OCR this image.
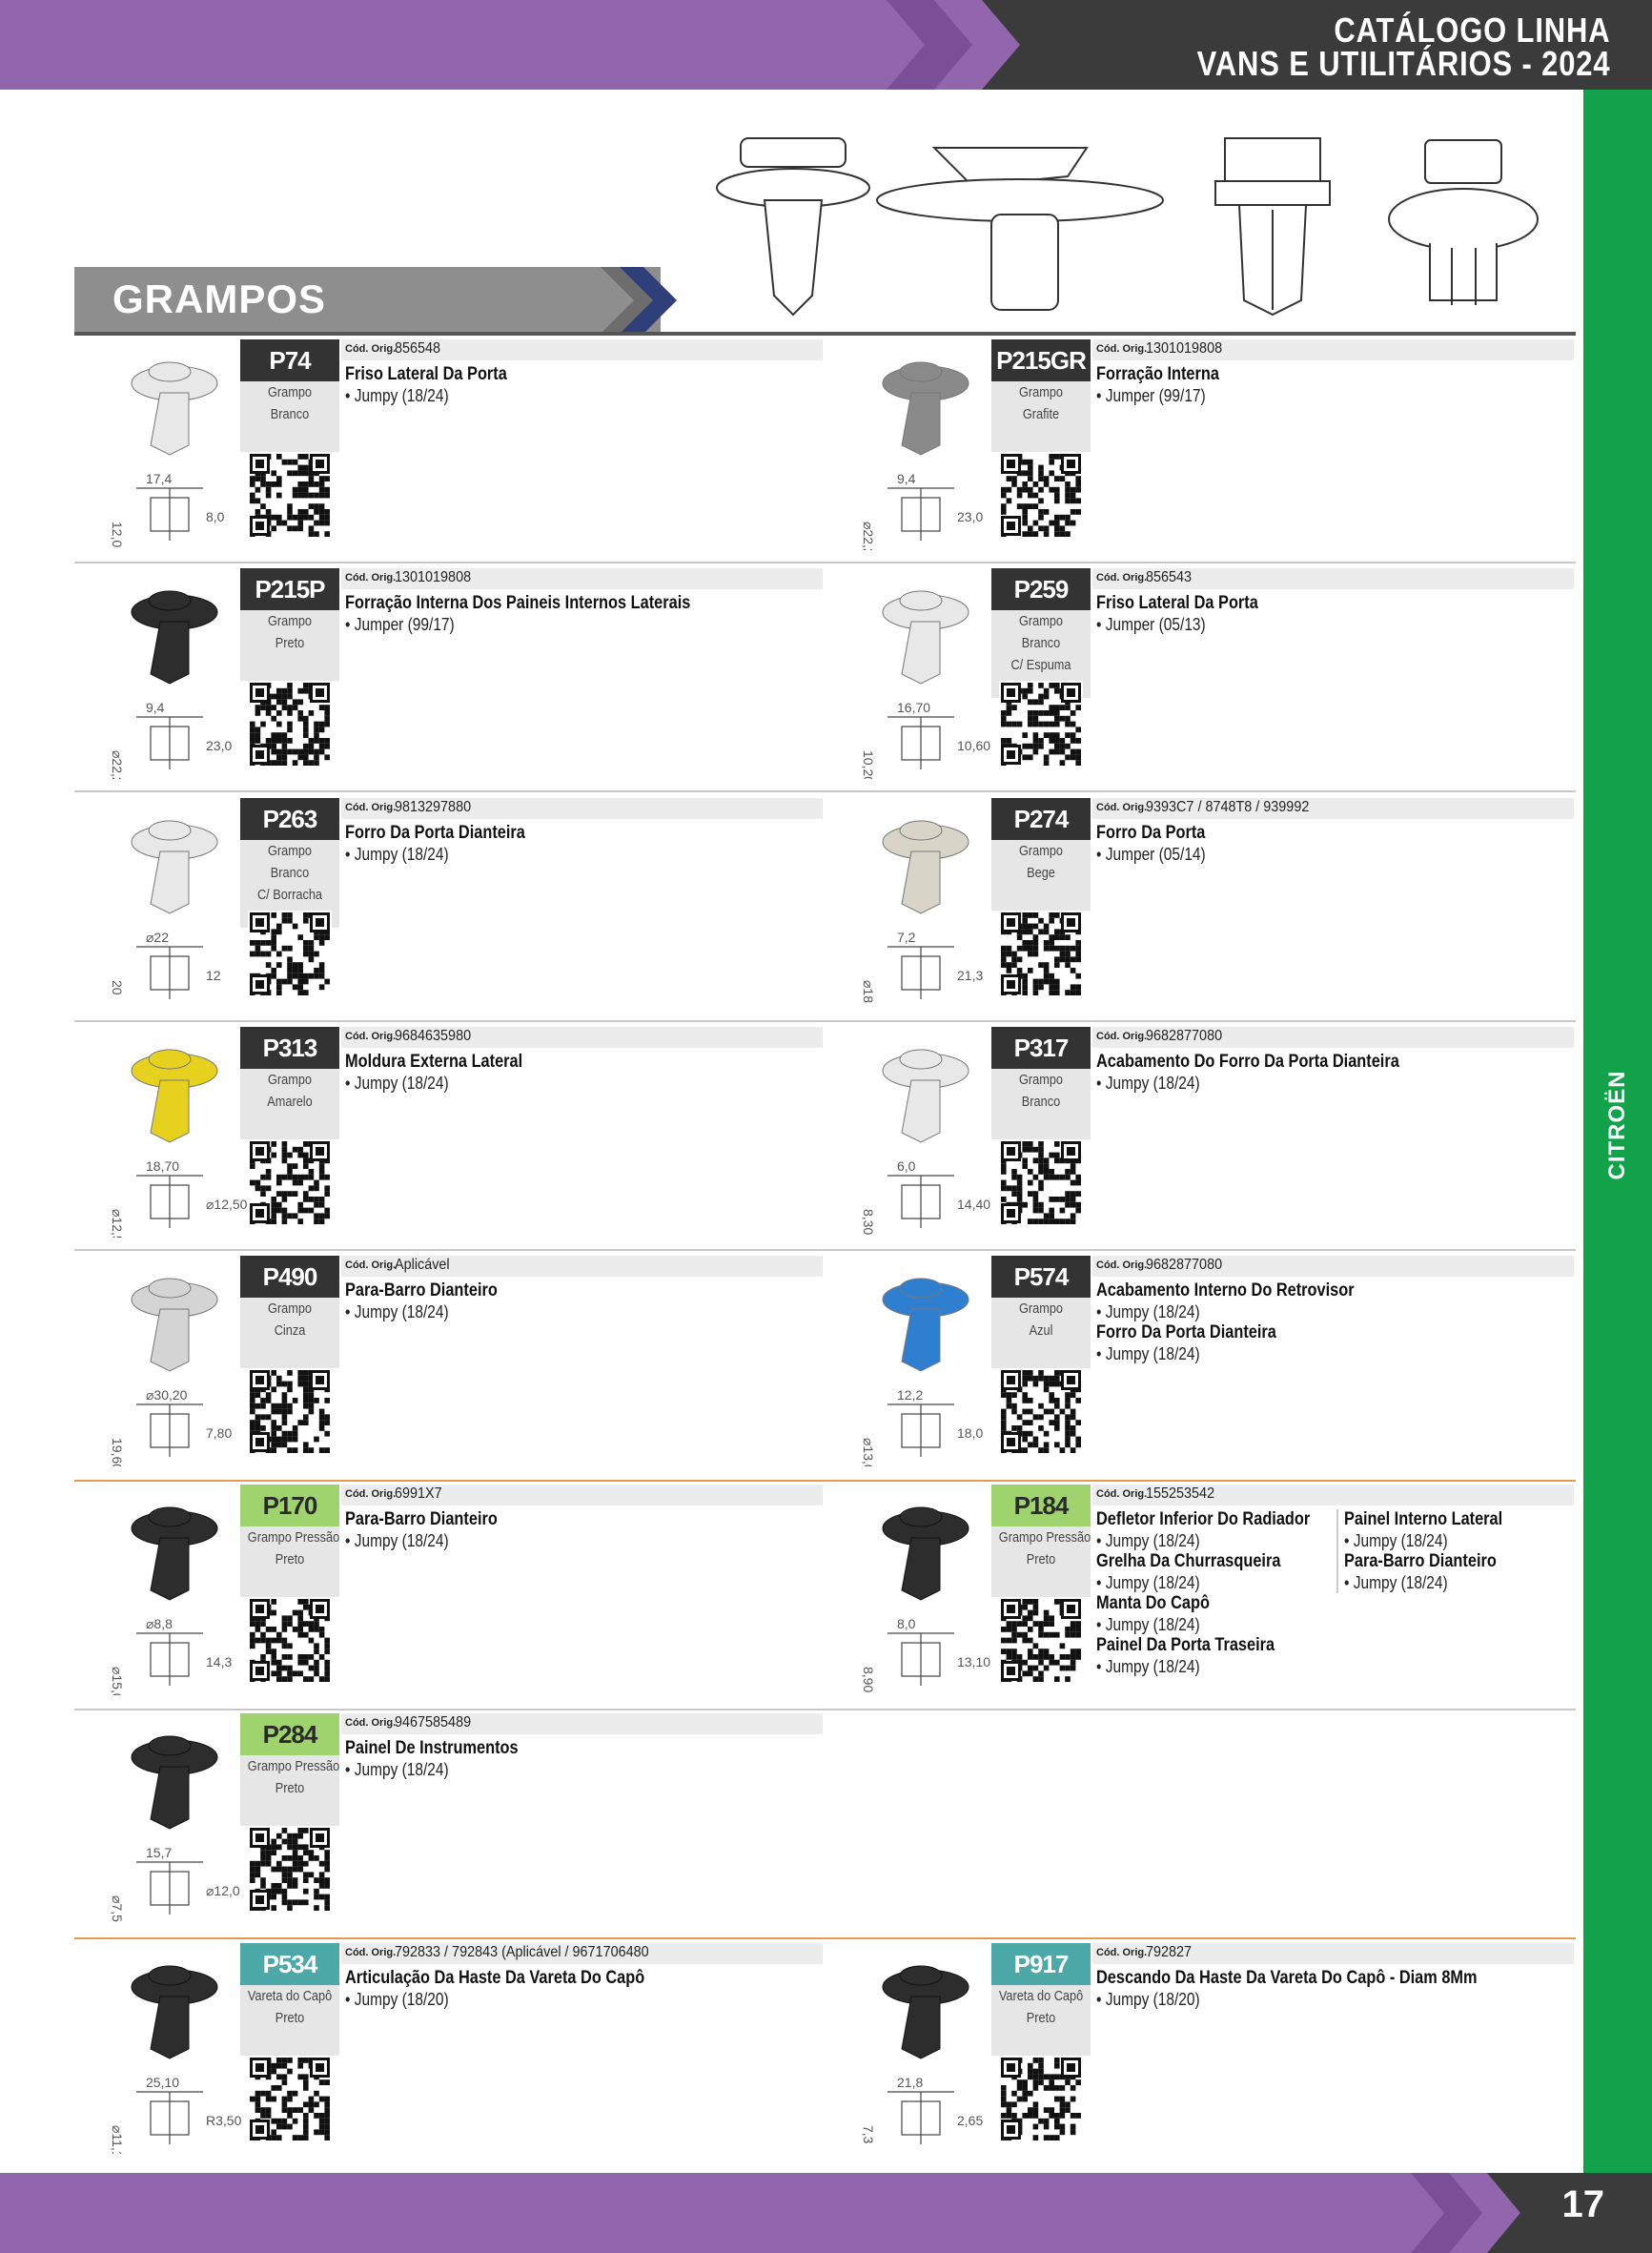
CATÁLOGO LINHA
VANS E UTILITÁRIOS - 2024
CITROËN
GRAMPOS
17,4
12,0
8,0
P74
Grampo
Branco
Cód. Orig.
856548
Friso Lateral Da Porta
• Jumpy (18/24)
9,4
⌀22,2
23,0
P215GR
Grampo
Grafite
Cód. Orig.
1301019808
Forração Interna
• Jumper (99/17)
9,4
⌀22,2
23,0
P215P
Grampo
Preto
Cód. Orig.
1301019808
Forração Interna Dos Paineis Internos Laterais
• Jumper (99/17)
16,70
10,20
10,60
P259
Grampo
Branco
C/ Espuma
Cód. Orig.
856543
Friso Lateral Da Porta
• Jumper (05/13)
⌀22
20
12
P263
Grampo
Branco
C/ Borracha
Cód. Orig.
9813297880
Forro Da Porta Dianteira
• Jumpy (18/24)
7,2
⌀18
21,3
P274
Grampo
Bege
Cód. Orig.
9393C7 / 8748T8 / 939992
Forro Da Porta
• Jumper (05/14)
18,70
⌀12,5
⌀12,50
P313
Grampo
Amarelo
Cód. Orig.
9684635980
Moldura Externa Lateral
• Jumpy (18/24)
6,0
8,30
14,40
P317
Grampo
Branco
Cód. Orig.
9682877080
Acabamento Do Forro Da Porta Dianteira
• Jumpy (18/24)
⌀30,20
19,60
7,80
P490
Grampo
Cinza
Cód. Orig.
Aplicável
Para-Barro Dianteiro
• Jumpy (18/24)
12,2
⌀13,0
18,0
P574
Grampo
Azul
Cód. Orig.
9682877080
Acabamento Interno Do Retrovisor
• Jumpy (18/24)
Forro Da Porta Dianteira
• Jumpy (18/24)
⌀8,8
⌀15,0
14,3
P170
Grampo Pressão
Preto
Cód. Orig.
6991X7
Para-Barro Dianteiro
• Jumpy (18/24)
8,0
8,90
13,10
P184
Grampo Pressão
Preto
Cód. Orig.
155253542
Defletor Inferior Do Radiador
• Jumpy (18/24)
Grelha Da Churrasqueira
• Jumpy (18/24)
Manta Do Capô
• Jumpy (18/24)
Painel Da Porta Traseira
• Jumpy (18/24)
Painel Interno Lateral
• Jumpy (18/24)
Para-Barro Dianteiro
• Jumpy (18/24)
15,7
⌀7,5
⌀12,0
P284
Grampo Pressão
Preto
Cód. Orig.
9467585489
Painel De Instrumentos
• Jumpy (18/24)
25,10
⌀11,10
R3,50
P534
Vareta do Capô
Preto
Cód. Orig.
792833 / 792843 (Aplicável / 9671706480
Articulação Da Haste Da Vareta Do Capô
• Jumpy (18/20)
21,8
7,3
2,65
P917
Vareta do Capô
Preto
Cód. Orig.
792827
Descando Da Haste Da Vareta Do Capô - Diam 8Mm
• Jumpy (18/20)
17
